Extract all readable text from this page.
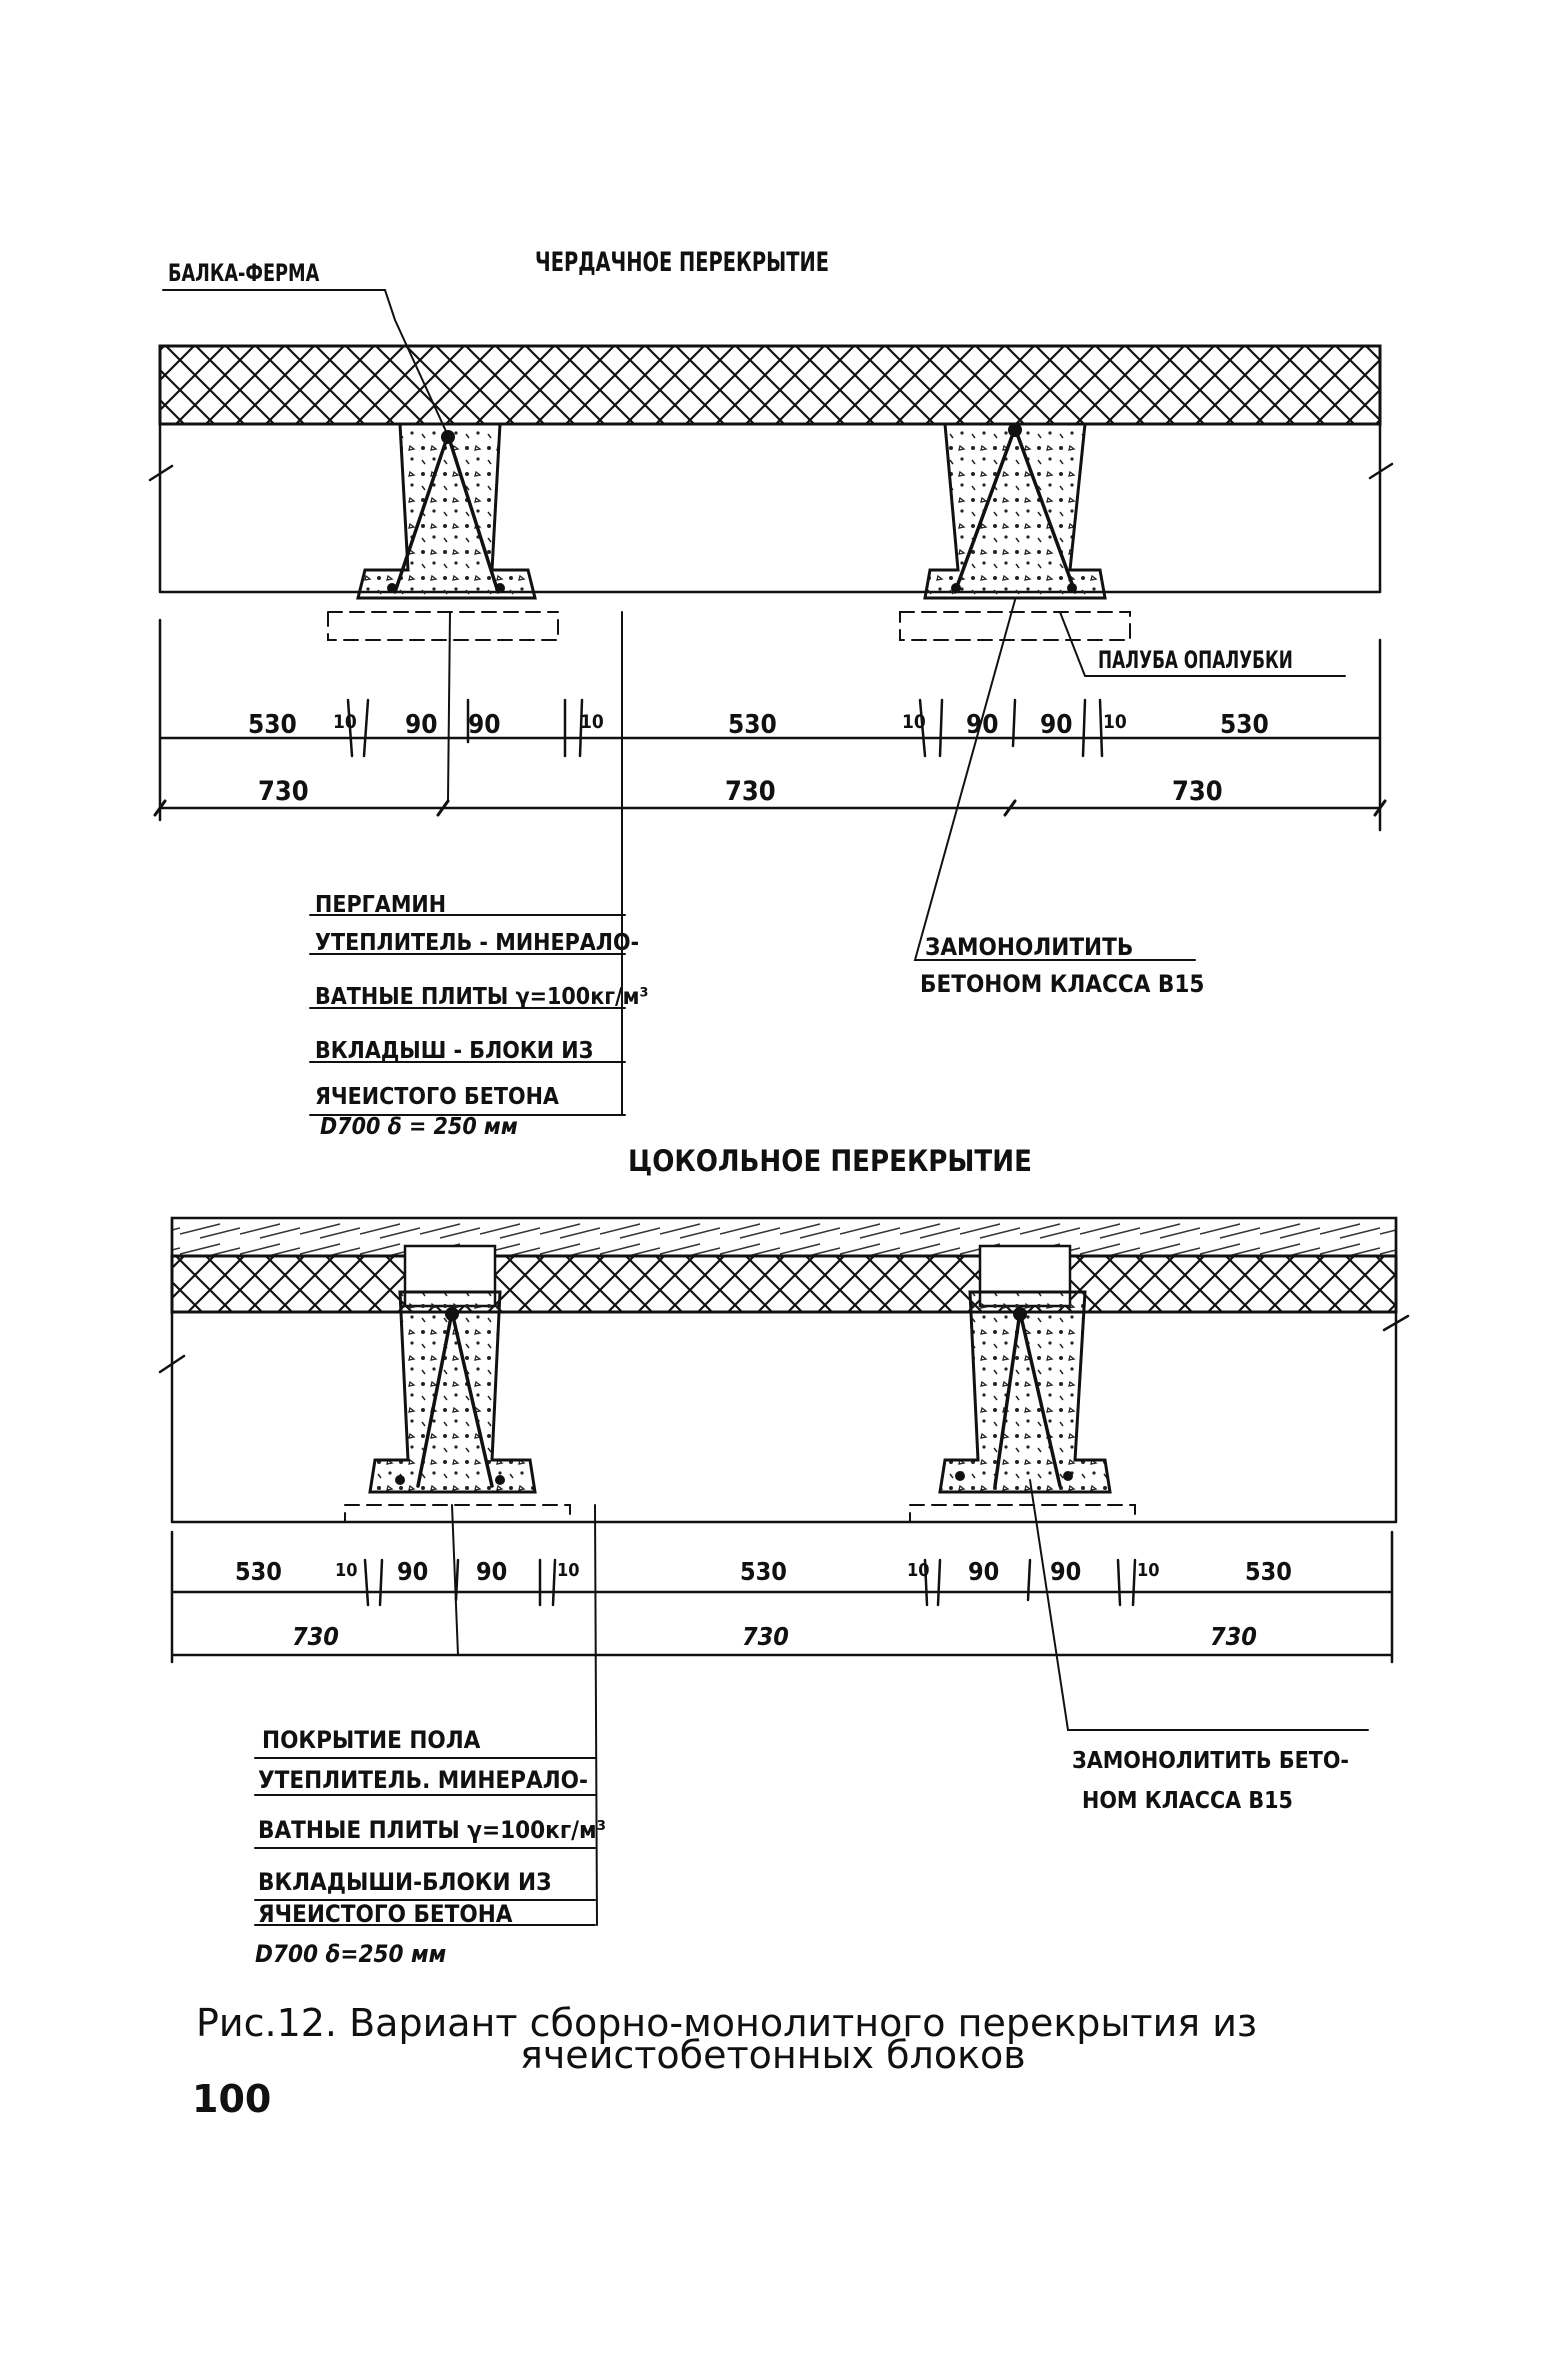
ЧЕРДАЧНОЕ ПЕРЕКРЫТИЕ
БАЛКА-ФЕРМА
ПАЛУБА ОПАЛУБКИ
530 10 90 90	10	530	10 90 90 10	530
730	730	730
ПЕРГАМИН
УТЕПЛИТЕЛЬ - МИНЕРАЛО-
ВАТНЫЕ ПЛИТЫ γ=100кг/м³
ВКЛАДЫШ - БЛОКИ ИЗ
ЯЧЕИСТОГО БЕТОНА
D700 δ = 250 мм
ЗАМОНОЛИТИТЬ
БЕТОНОМ КЛАССА В15
ЦОКОЛЬНОЕ ПЕРЕКРЫТИЕ
530	10 90 90	10	530	10 90 90	10	530
730	730	730
ПОКРЫТИЕ ПОЛА
УТЕПЛИТЕЛЬ. МИНЕРАЛО-
ВАТНЫЕ ПЛИТЫ γ=100кг/м³
ВКЛАДЫШИ-БЛОКИ ИЗ
ЯЧЕИСТОГО БЕТОНА
D700 δ=250 мм
ЗАМОНОЛИТИТЬ БЕТО-
НОМ КЛАССА В15
Рис.12. Вариант сборно-монолитного перекрытия из
ячеистобетонных блоков
100
